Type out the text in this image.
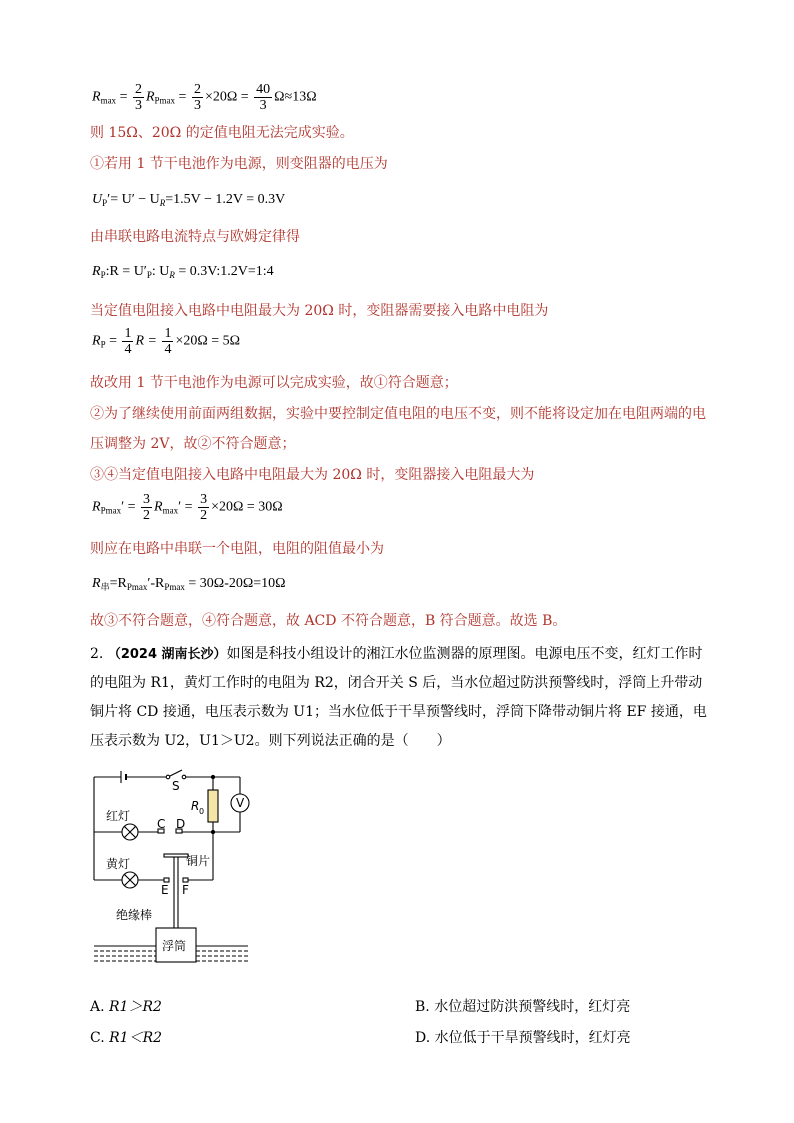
$R_{max} = \frac{2}{3} R_{Pmax} = \frac{2}{3} \times 20\Omega = \frac{40}{3} \Omega\approx 13\Omega$
则 15Ω、20Ω 的定值电阻无法完成实验。
①若用 1 节干电池作为电源，则变阻器的电压为
$U_P'= U' - U_R=1.5V - 1.2V = 0.3V$
由串联电路电流特点与欧姆定律得
$R_P:R = U'_P$: $U_R$ = 0.3V:1.2V=1:4
当定值电阻接入电路中电阻最大为 20Ω 时，变阻器需要接入电路中电阻为
$R_P = \frac{1}{4}$ $R = \frac{1}{4} \times 20\Omega = 5\Omega$
故改用 1 节干电池作为电源可以完成实验，故①符合题意；
②为了继续使用前面两组数据，实验中要控制定值电阻的电压不变，则不能将设定加在电阻两端的电
压调整为 2V，故②不符合题意；
③④当定值电阻接入电路中电阻最大为 20Ω 时，变阻器接入电阻最大为
$R_{Pmax}' = \frac{3}{2} R_{max}' = \frac{3}{2} \times 20\Omega = 30\Omega$
则应在电路中串联一个电阻，电阻的阻值最小为
$R_串=R_{Pmax}'-R_{Pmax} = 30\Omega-20\Omega=10\Omega$
故③不符合题意，④符合题意，故 ACD 不符合题意，B 符合题意。故选 B。
2. （2024 湖南长沙）如图是科技小组设计的湘江水位监测器的原理图。电源电压不变，红灯工作时的电阻为 R1，黄灯工作时的电阻为 R2，闭合开关 S 后，当水位超过防洪预警线时，浮筒上升带动铜片将 CD 接通，电压表示数为 U1；当水位低于干旱预警线时，浮筒下降带动铜片将 EF 接通，电压表示数为 U2，U1＞U2。则下列说法正确的是（　　）
S
R 0
V
红灯
C D
铜片
黄灯
E F
绝缘棒
浮筒
A. R1＞R2	B. 水位超过防洪预警线时，红灯亮
C. R1＜R2	D. 水位低于干旱预警线时，红灯亮
